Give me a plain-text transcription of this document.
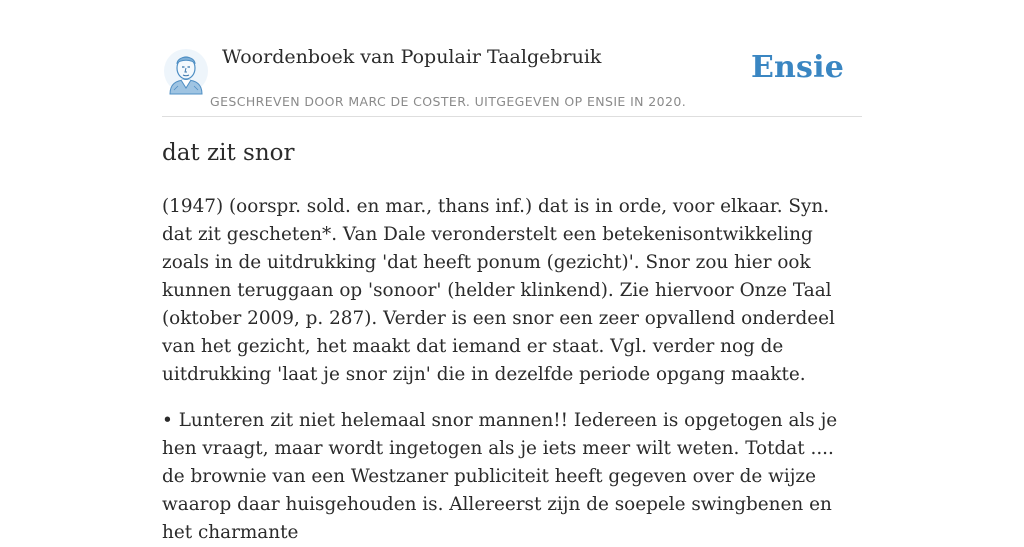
Woordenboek van Populair Taalgebruik
GESCHREVEN DOOR MARC DE COSTER. UITGEGEVEN OP ENSIE IN 2020.
Ensie
dat zit snor

(1947) (oorspr. sold. en mar., thans inf.) dat is in orde, voor elkaar. Syn. dat zit gescheten*. Van Dale veronderstelt een betekenisontwikkeling zoals in de uitdrukking 'dat heeft ponum (gezicht)'. Snor zou hier ook kunnen teruggaan op 'sonoor' (helder klinkend). Zie hiervoor Onze Taal (oktober 2009, p. 287). Verder is een snor een zeer opvallend onderdeel van het gezicht, het maakt dat iemand er staat. Vgl. verder nog de uitdrukking 'laat je snor zijn' die in dezelfde periode opgang maakte.

• Lunteren zit niet helemaal snor mannen!! Iedereen is opgetogen als je hen vraagt, maar wordt ingetogen als je iets meer wilt weten. Totdat .... de brownie van een Westzaner publiciteit heeft gegeven over de wijze waarop daar huisgehouden is. Allereerst zijn de soepele swingbenen en het charmante
